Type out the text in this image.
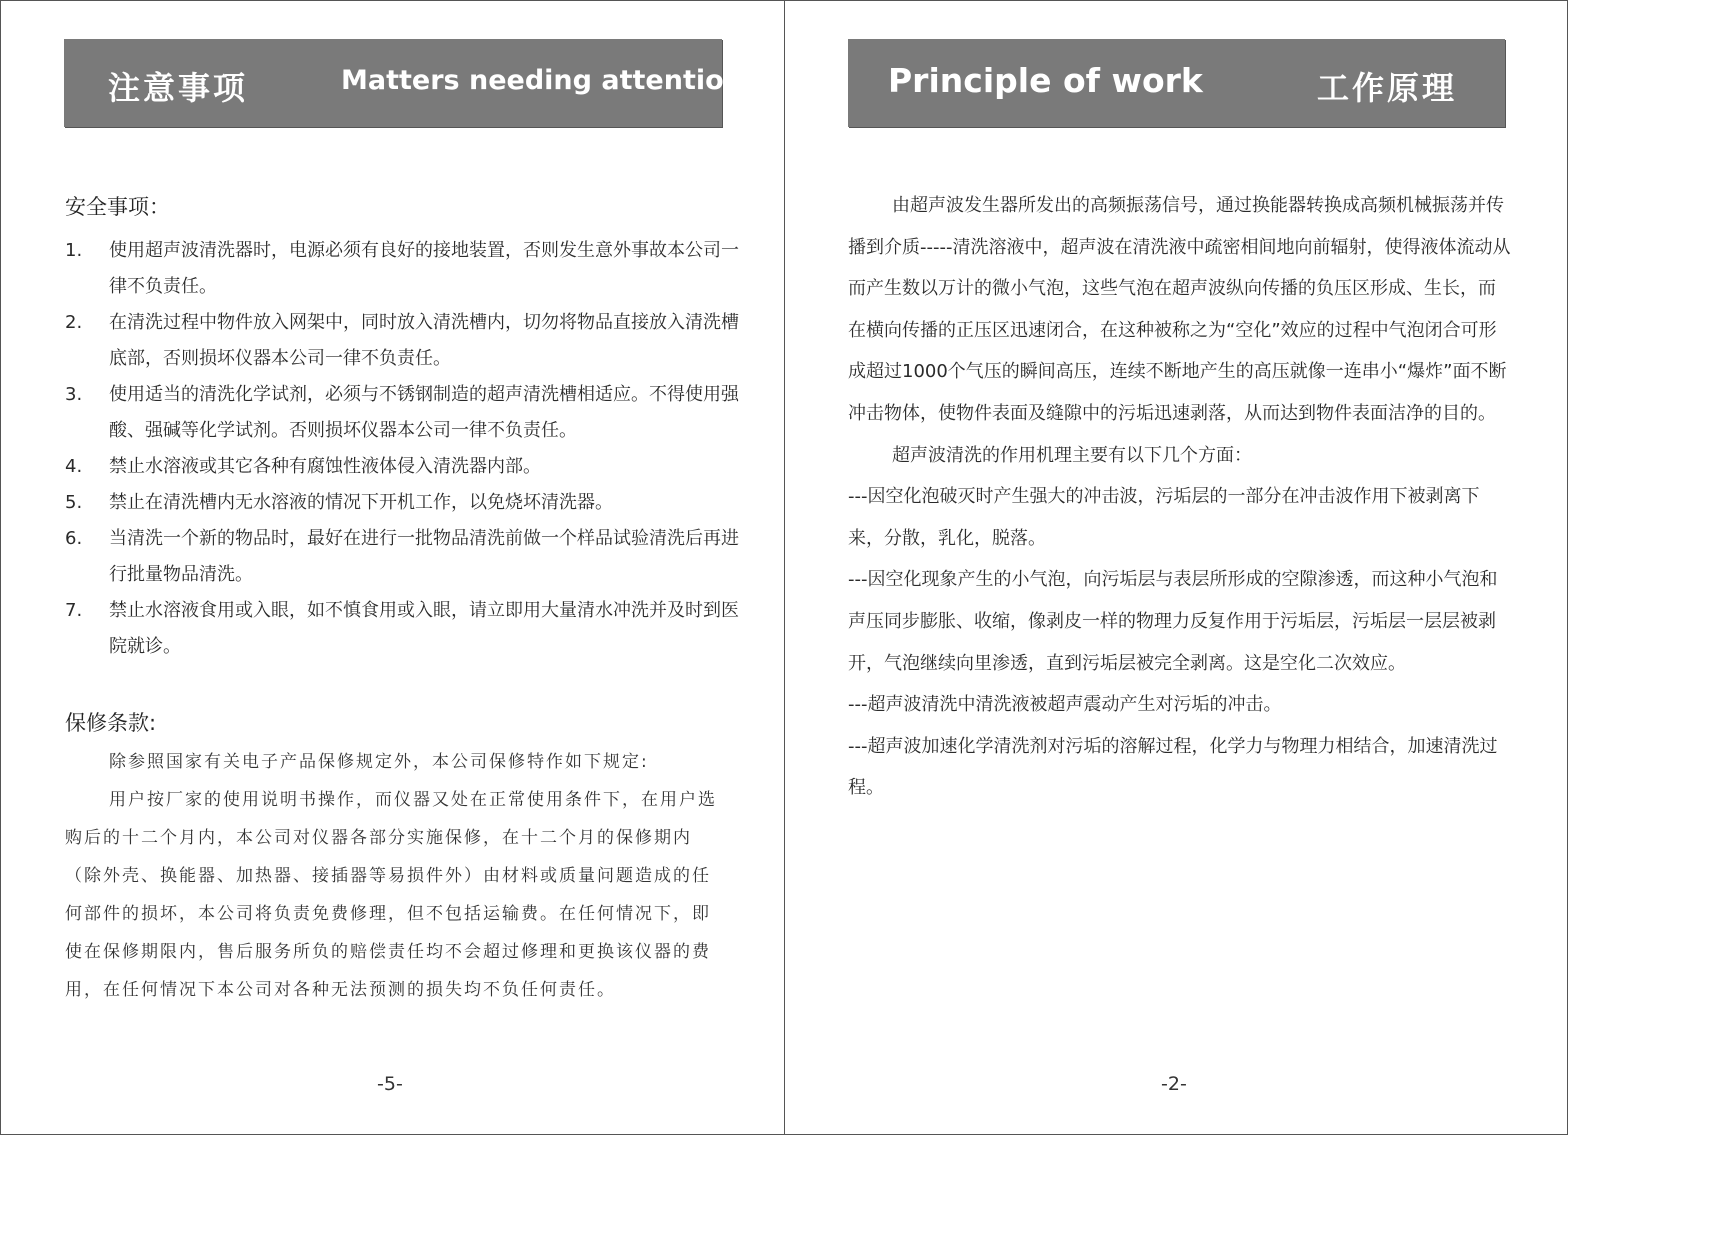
注意事项	Matters needing attention
安全事项：
1. 使用超声波清洗器时，电源必须有良好的接地装置，否则发生意外事故本公司一 律不负责任。
2. 在清洗过程中物件放入网架中，同时放入清洗槽内，切勿将物品直接放入清洗槽底部，否则损坏仪器本公司一律不负责任。
3. 使用适当的清洗化学试剂，必须与不锈钢制造的超声清洗槽相适应。不得使用强酸、强碱等化学试剂。否则损坏仪器本公司一律不负责任。
4. 禁止水溶液或其它各种有腐蚀性液体侵入清洗器内部。
5. 禁止在清洗槽内无水溶液的情况下开机工作，以免烧坏清洗器。
6. 当清洗一个新的物品时，最好在进行一批物品清洗前做一个样品试验清洗后再进行批量物品清洗。
7. 禁止水溶液食用或入眼，如不慎食用或入眼，请立即用大量清水冲洗并及时到医院就诊。
保修条款:

除参照国家有关电子产品保修规定外，本公司保修特作如下规定:

用户按厂家的使用说明书操作，而仪器又处在正常使用条件下，在用户选购后的十二个月内，本公司对仪器各部分实施保修，在十二个月的保修期内（除外壳、换能器、加热器、接插器等易损件外）由材料或质量问题造成的任何部件的损坏，本公司将负责免费修理，但不包括运输费。在任何情况下，即使在保修期限内，售后服务所负的赔偿责任均不会超过修理和更换该仪器的费用，在任何情况下本公司对各种无法预测的损失均不负任何责任。

-5-
Principle of work	工作原理

由超声波发生器所发出的高频振荡信号，通过换能器转换成高频机械振荡并传播到介质-----清洗溶液中，超声波在清洗液中疏密相间地向前辐射，使得液体流动从而产生数以万计的微小气泡，这些气泡在超声波纵向传播的负压区形成、生长，而在横向传播的正压区迅速闭合，在这种被称之为“空化”效应的过程中气泡闭合可形成超过1000个气压的瞬间高压，连续不断地产生的高压就像一连串小“爆炸”面不断冲击物体，使物件表面及缝隙中的污垢迅速剥落，从而达到物件表面洁净的目的。

超声波清洗的作用机理主要有以下几个方面：

---因空化泡破灭时产生强大的冲击波，污垢层的一部分在冲击波作用下被剥离下来，分散，乳化，脱落。

---因空化现象产生的小气泡，向污垢层与表层所形成的空隙渗透，而这种小气泡和声压同步膨胀、收缩，像剥皮一样的物理力反复作用于污垢层，污垢层一层层被剥开，气泡继续向里渗透，直到污垢层被完全剥离。这是空化二次效应。

---超声波清洗中清洗液被超声震动产生对污垢的冲击。

---超声波加速化学清洗剂对污垢的溶解过程，化学力与物理力相结合，加速清洗过程。

-2-
